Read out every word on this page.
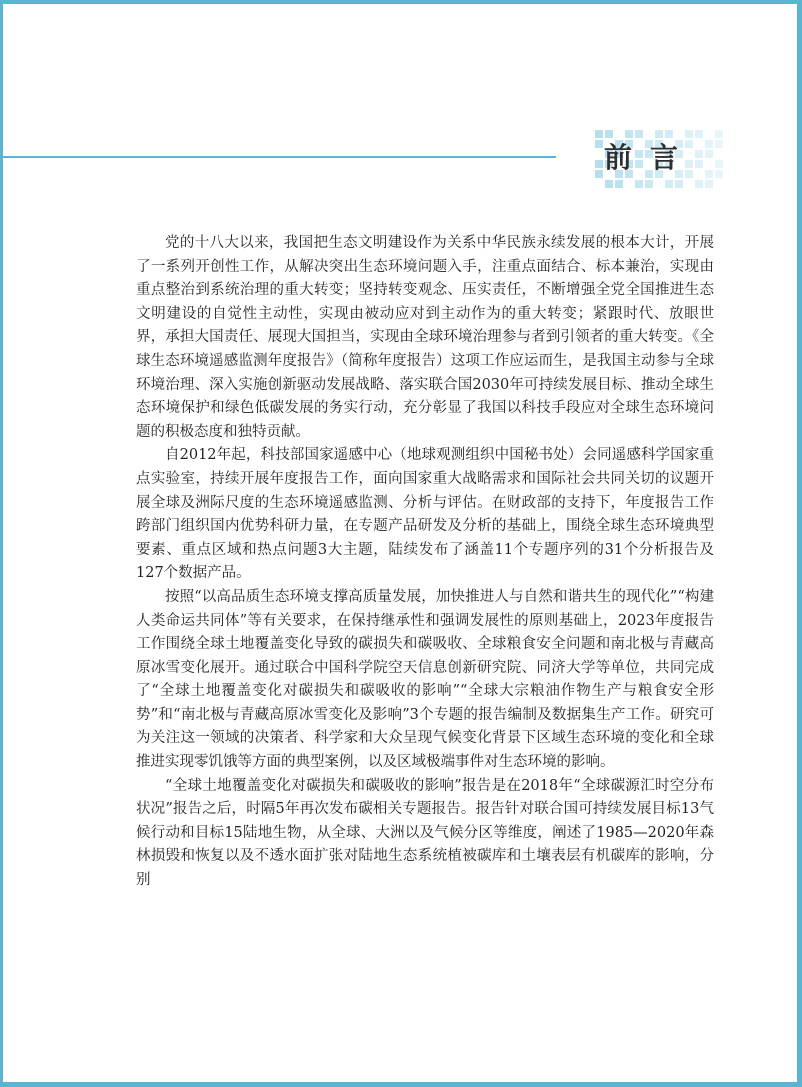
前言

党的十八大以来，我国把生态文明建设作为关系中华民族永续发展的根本大计，开展了一系列开创性工作，从解决突出生态环境问题入手，注重点面结合、标本兼治，实现由重点整治到系统治理的重大转变；坚持转变观念、压实责任，不断增强全党全国推进生态文明建设的自觉性主动性，实现由被动应对到主动作为的重大转变；紧跟时代、放眼世界，承担大国责任、展现大国担当，实现由全球环境治理参与者到引领者的重大转变。《全球生态环境遥感监测年度报告》（简称年度报告）这项工作应运而生，是我国主动参与全球环境治理、深入实施创新驱动发展战略、落实联合国2030年可持续发展目标、推动全球生态环境保护和绿色低碳发展的务实行动，充分彰显了我国以科技手段应对全球生态环境问题的积极态度和独特贡献。

自2012年起，科技部国家遥感中心（地球观测组织中国秘书处）会同遥感科学国家重点实验室，持续开展年度报告工作，面向国家重大战略需求和国际社会共同关切的议题开展全球及洲际尺度的生态环境遥感监测、分析与评估。在财政部的支持下，年度报告工作跨部门组织国内优势科研力量，在专题产品研发及分析的基础上，围绕全球生态环境典型要素、重点区域和热点问题3大主题，陆续发布了涵盖11个专题序列的31个分析报告及127个数据产品。

按照“以高品质生态环境支撑高质量发展，加快推进人与自然和谐共生的现代化”“构建人类命运共同体”等有关要求，在保持继承性和强调发展性的原则基础上，2023年度报告工作围绕全球土地覆盖变化导致的碳损失和碳吸收、全球粮食安全问题和南北极与青藏高原冰雪变化展开。通过联合中国科学院空天信息创新研究院、同济大学等单位，共同完成了“全球土地覆盖变化对碳损失和碳吸收的影响”“全球大宗粮油作物生产与粮食安全形势”和“南北极与青藏高原冰雪变化及影响”3个专题的报告编制及数据集生产工作。研究可为关注这一领域的决策者、科学家和大众呈现气候变化背景下区域生态环境的变化和全球推进实现零饥饿等方面的典型案例，以及区域极端事件对生态环境的影响。

“全球土地覆盖变化对碳损失和碳吸收的影响”报告是在2018年“全球碳源汇时空分布状况”报告之后，时隔5年再次发布碳相关专题报告。报告针对联合国可持续发展目标13气候行动和目标15陆地生物，从全球、大洲以及气候分区等维度，阐述了1985—2020年森林损毁和恢复以及不透水面扩张对陆地生态系统植被碳库和土壤表层有机碳库的影响，分别
